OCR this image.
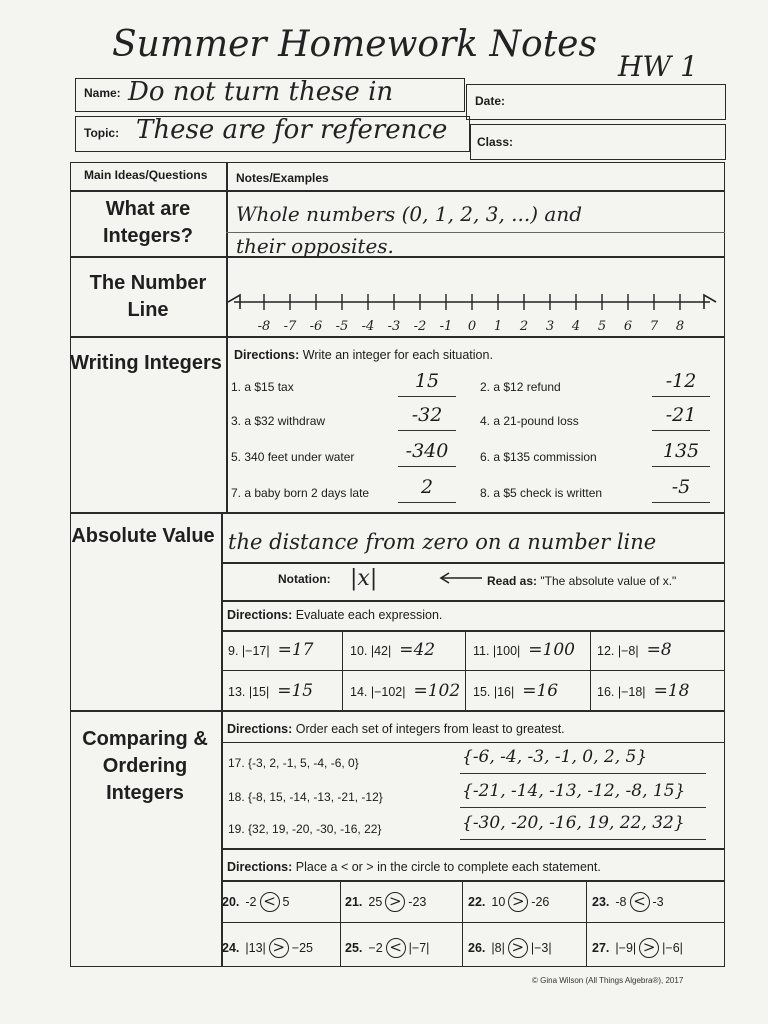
Summer Homework Notes
HW 1
Name: Do not turn these in	Date:
Topic: These are for reference Class:
Main Ideas/Questions Notes/Examples
What are Integers?
Whole numbers (0, 1, 2, 3, ...) and
their opposites.
The Number Line
-8 -7 -6 -5 -4 -3 -2 -1 0 1 2 3 4 5 6 7 8
Writing Integers Directions: Write an integer for each situation.
1. a $15 tax	15	2. a $12 refund	-12
3. a $32 withdraw	-32	4. a 21-pound loss	-21
5. 340 feet under water	-340	6. a $135 commission	135
7. a baby born 2 days late	2	8. a $5 check is written	-5
Absolute Value the distance from zero on a number line
Notation: |x|	Read as: "The absolute value of x."
Directions: Evaluate each expression.
9. |−17| =17	10. |42| =42	11. |100| =100 12. |−8| =8
13. |15| =15	14. |−102| =102 15. |16| =16	16. |−18| =18
Comparing & Ordering Integers
Directions: Order each set of integers from least to greatest.
17. {-3, 2, -1, 5, -4, -6, 0}	{-6, -4, -3, -1, 0, 2, 5}
18. {-8, 15, -14, -13, -21, -12}	{-21, -14, -13, -12, -8, 15}
19. {32, 19, -20, -30, -16, 22}	{-30, -20, -16, 19, 22, 32}
Directions: Place a < or > in the circle to complete each statement.
20. -2 < 5	21. 25 > -23	22. 10 > -26	23. -8 < -3
24. |13| > −25	25. −2 < |−7|	26. |8| > |−3|	27. |−9| > |−6|
© Gina Wilson (All Things Algebra®), 2017
